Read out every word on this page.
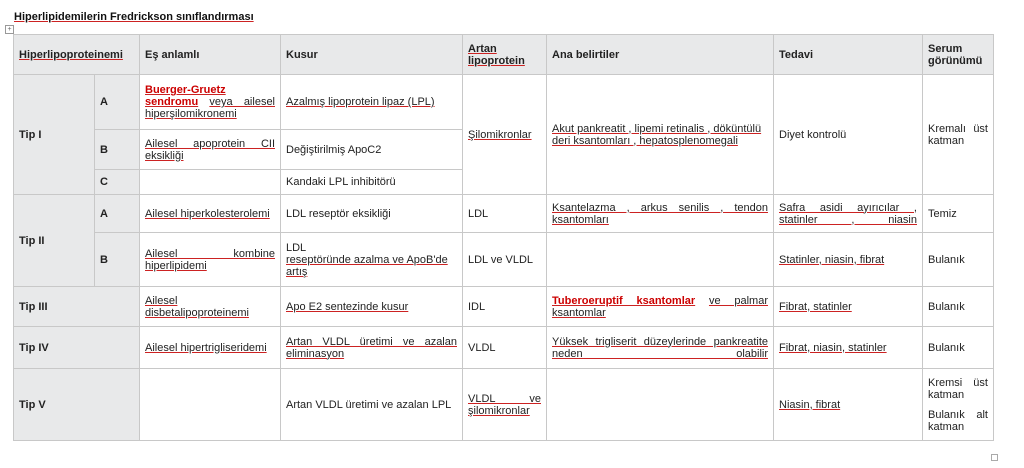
Hiperlipidemilerin Fredrickson sınıflandırması
+
Hiperlipoproteinemi		Eş anlamlı	Kusur	Artan lipoprotein	Ana belirtiler	Tedavi	Serum görünümü
Tip I	A	Buerger-Gruetz sendromu veya ailesel hiperşilomikronemi	Azalmış lipoprotein lipaz (LPL)	Şilomikronlar	Akut pankreatit , lipemi retinalis , döküntülü deri ksantomları , hepatosplenomegali	Diyet kontrolü	Kremalı üst katman
	B	Ailesel apoprotein CII eksikliği	Değiştirilmiş ApoC2				
	C		Kandaki LPL inhibitörü				
Tip II	A	Ailesel hiperkolesterolemi	LDL reseptör eksikliği	LDL	Ksantelazma , arkus senilis , tendon ksantomları	Safra asidi ayırıcılar , statinler , niasin	Temiz
	B	Ailesel kombine hiperlipidemi	LDL
reseptöründe azalma ve ApoB'de artış	LDL ve VLDL		Statinler, niasin, fibrat	Bulanık
Tip III		Ailesel disbetalipoproteinemi	Apo E2 sentezinde kusur	IDL	Tuberoeruptif ksantomlar ve palmar ksantomlar	Fibrat, statinler	Bulanık
Tip IV		Ailesel hipertrigliseridemi	Artan VLDL üretimi ve azalan eliminasyon	VLDL	Yüksek trigliserit düzeylerinde pankreatite neden olabilir	Fibrat, niasin, statinler	Bulanık
Tip V			Artan VLDL üretimi ve azalan LPL	VLDL ve şilomikronlar		Niasin, fibrat	Kremsi üst katman
Bulanık alt katman
